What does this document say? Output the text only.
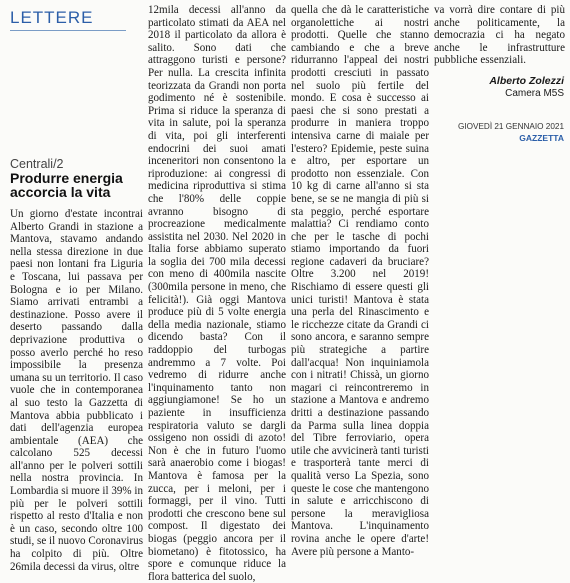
LETTERE
Centrali/2
Produrre energia accorcia la vita

Un giorno d'estate incontrai Alberto Grandi in stazione a Mantova, stavamo andando nella stessa direzione in due paesi non lontani fra Liguria e Toscana, lui passava per Bologna e io per Milano. Siamo arrivati entrambi a destinazione. Posso avere il deserto passando dalla deprivazione produttiva o posso averlo perché ho reso impossibile la presenza umana su un territorio. Il caso vuole che in contemporanea al suo testo la Gazzetta di Mantova abbia pubblicato i dati dell'agenzia europea ambientale (AEA) che calcolano 525 decessi all'anno per le polveri sottili nella nostra provincia. In Lombardia si muore il 39% in più per le polveri sottili rispetto al resto d'Italia e non è un caso, secondo oltre 100 studi, se il nuovo Coronavirus ha colpito di più. Oltre 26mila decessi da virus, oltre

12mila decessi all'anno da particolato stimati da AEA nel 2018 il particolato da allora è salito. Sono dati che attraggono turisti e persone? Per nulla. La crescita infinita teorizzata da Grandi non porta godimento né è sostenibile. Prima si riduce la speranza di vita in salute, poi la speranza di vita, poi gli interferenti endocrini dei suoi amati inceneritori non consentono la riproduzione: ai congressi di medicina riproduttiva si stima che l'80% delle coppie avranno bisogno di procreazione medicalmente assistita nel 2030. Nel 2020 in Italia forse abbiamo superato la soglia dei 700 mila decessi con meno di 400mila nascite (300mila persone in meno, che felicità!). Già oggi Mantova produce più di 5 volte energia della media nazionale, stiamo dicendo basta? Con il raddoppio del turbogas andremmo a 7 volte. Poi vedremo di ridurre anche l'inquinamento tanto non aggiungiamone! Se ho un paziente in insufficienza respiratoria valuto se dargli ossigeno non ossidi di azoto! Non è che in futuro l'uomo sarà anaerobio come i biogas! Mantova è famosa per la zucca, per i meloni, per i formaggi, per il vino. Tutti prodotti che crescono bene sul compost. Il digestato dei biogas (peggio ancora per il biometano) è fitotossico, ha spore e comunque riduce la flora batterica del suolo,

quella che dà le caratteristiche organolettiche ai nostri prodotti. Quelle che stanno cambiando e che a breve ridurranno l'appeal dei nostri prodotti cresciuti in passato nel suolo più fertile del mondo. E cosa è successo ai paesi che si sono prestati a produrre in maniera troppo intensiva carne di maiale per l'estero? Epidemie, peste suina e altro, per esportare un prodotto non essenziale. Con 10 kg di carne all'anno si sta bene, se se ne mangia di più si sta peggio, perché esportare malattia? Ci rendiamo conto che per le tasche di pochi stiamo importando da fuori regione cadaveri da bruciare? Oltre 3.200 nel 2019! Rischiamo di essere questi gli unici turisti! Mantova è stata una perla del Rinascimento e le ricchezze citate da Grandi ci sono ancora, e saranno sempre più strategiche a partire dall'acqua! Non inquiniamola con i nitrati! Chissà, un giorno magari ci reincontreremo in stazione a Mantova e andremo dritti a destinazione passando da Parma sulla linea doppia del Tibre ferroviario, opera utile che avvicinerà tanti turisti e trasporterà tante merci di qualità verso La Spezia, sono queste le cose che mantengono in salute e arricchiscono di persone la meravigliosa Mantova. L'inquinamento rovina anche le opere d'arte! Avere più persone a Manto-

va vorrà dire contare di più anche politicamente, la democrazia ci ha negato anche le infrastrutture pubbliche essenziali.

Alberto Zolezzi
Camera M5S
GIOVEDÌ 21 GENNAIO 2021
GAZZETTA
